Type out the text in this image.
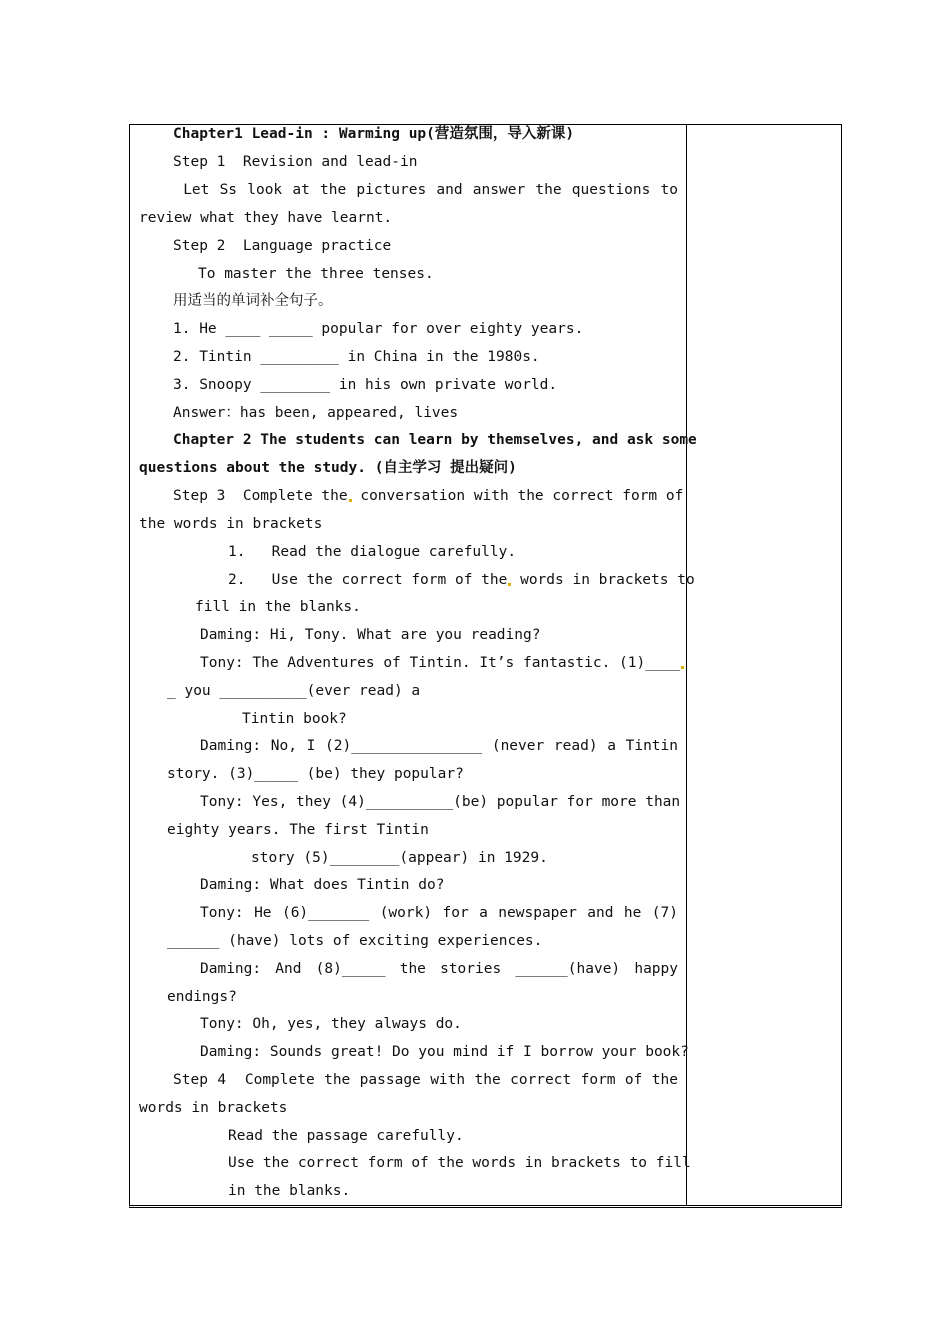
Chapter1 Lead-in : Warming up(营造氛围，导入新课)
Step 1  Revision and lead-in
Let Ss look at the pictures and answer the questions to
review what they have learnt.
Step 2  Language practice
To master the three tenses.
用适当的单词补全句子。
1. He ____ _____ popular for over eighty years.
2. Tintin _________ in China in the 1980s.
3. Snoopy ________ in his own private world.
Answer：has been, appeared, lives
Chapter 2 The students can learn by themselves, and ask some
questions about the study. (自主学习 提出疑问)
Step 3  Complete the conversation with the correct form of
the words in brackets
1.   Read the dialogue carefully.
2.   Use the correct form of the words in brackets to
fill in the blanks.
Daming: Hi, Tony. What are you reading?
Tony: The Adventures of Tintin. It’s fantastic. (1)____
_ you __________(ever read) a
Tintin book?
Daming: No, I (2)_______________ (never read) a Tintin
story. (3)_____ (be) they popular?
Tony: Yes, they (4)__________(be) popular for more than
eighty years. The first Tintin
story (5)________(appear) in 1929.
Daming: What does Tintin do?
Tony: He (6)_______ (work) for a newspaper and he (7)
______ (have) lots of exciting experiences.
Daming: And (8)_____ the stories ______(have) happy
endings?
Tony: Oh, yes, they always do.
Daming: Sounds great! Do you mind if I borrow your book?
Step 4  Complete the passage with the correct form of the
words in brackets
Read the passage carefully.
Use the correct form of the words in brackets to fill
in the blanks.
